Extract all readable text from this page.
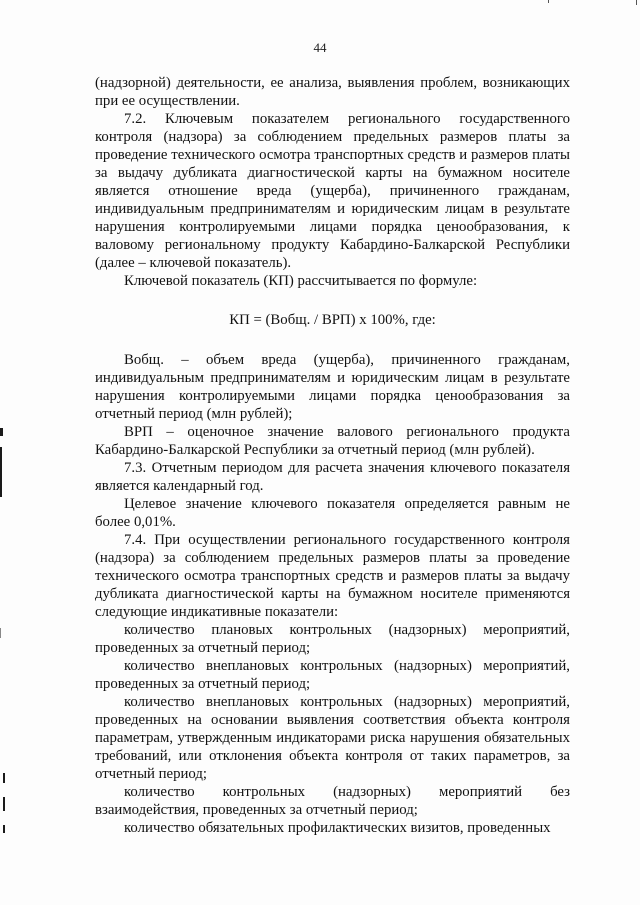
44

(надзорной) деятельности, ее анализа, выявления проблем, возникающих при ее осуществлении.

7.2. Ключевым показателем регионального государственного контроля (надзора) за соблюдением предельных размеров платы за проведение технического осмотра транспортных средств и размеров платы за выдачу дубликата диагностической карты на бумажном носителе является отношение вреда (ущерба), причиненного гражданам, индивидуальным предпринимателям и юридическим лицам в результате нарушения контролируемыми лицами порядка ценообразования, к валовому региональному продукту Кабардино-Балкарской Республики (далее – ключевой показатель).

Ключевой показатель (КП) рассчитывается по формуле:

КП = (Вобщ. / ВРП) х 100%, где:

Вобщ. – объем вреда (ущерба), причиненного гражданам, индивидуальным предпринимателям и юридическим лицам в результате нарушения контролируемыми лицами порядка ценообразования за отчетный период (млн рублей);

ВРП – оценочное значение валового регионального продукта Кабардино-Балкарской Республики за отчетный период (млн рублей).

7.3. Отчетным периодом для расчета значения ключевого показателя является календарный год.

Целевое значение ключевого показателя определяется равным не более 0,01%.

7.4. При осуществлении регионального государственного контроля (надзора) за соблюдением предельных размеров платы за проведение технического осмотра транспортных средств и размеров платы за выдачу дубликата диагностической карты на бумажном носителе применяются следующие индикативные показатели:

количество плановых контрольных (надзорных) мероприятий, проведенных за отчетный период;

количество внеплановых контрольных (надзорных) мероприятий, проведенных за отчетный период;

количество внеплановых контрольных (надзорных) мероприятий, проведенных на основании выявления соответствия объекта контроля параметрам, утвержденным индикаторами риска нарушения обязательных требований, или отклонения объекта контроля от таких параметров, за отчетный период;

количество контрольных (надзорных) мероприятий без взаимодействия, проведенных за отчетный период;

количество обязательных профилактических визитов, проведенных
